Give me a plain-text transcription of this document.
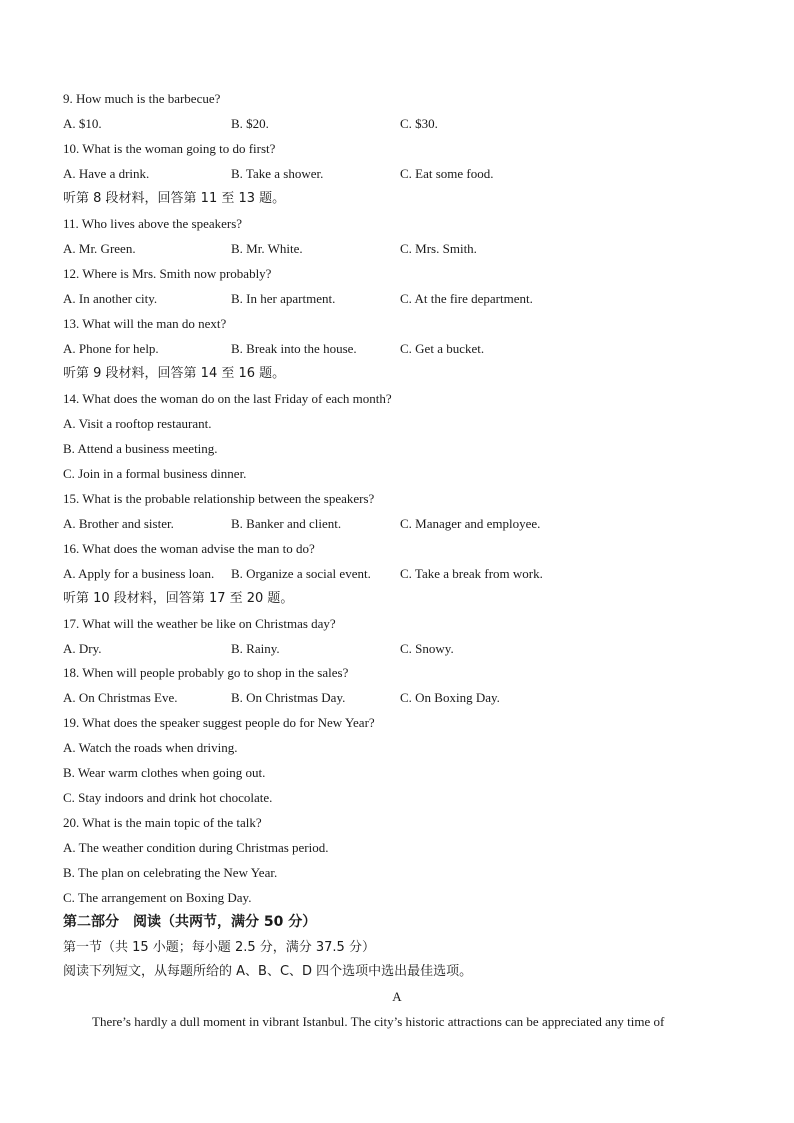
9. How much is the barbecue?
A. $10.	B. $20.	C. $30.
10. What is the woman going to do first?
A. Have a drink.	B. Take a shower.	C. Eat some food.
听第 8 段材料，回答第 11 至 13 题。
11. Who lives above the speakers?
A. Mr. Green.	B. Mr. White.	C. Mrs. Smith.
12. Where is Mrs. Smith now probably?
A. In another city.	B. In her apartment.	C. At the fire department.
13. What will the man do next?
A. Phone for help.	B. Break into the house.	C. Get a bucket.
听第 9 段材料，回答第 14 至 16 题。
14. What does the woman do on the last Friday of each month?
A. Visit a rooftop restaurant.
B. Attend a business meeting.
C. Join in a formal business dinner.
15. What is the probable relationship between the speakers?
A. Brother and sister.	B. Banker and client.	C. Manager and employee.
16. What does the woman advise the man to do?
A. Apply for a business loan. B. Organize a social event. C. Take a break from work.
听第 10 段材料，回答第 17 至 20 题。
17. What will the weather be like on Christmas day?
A. Dry.	B. Rainy.	C. Snowy.
18. When will people probably go to shop in the sales?
A. On Christmas Eve.	B. On Christmas Day.	C. On Boxing Day.
19. What does the speaker suggest people do for New Year?
A. Watch the roads when driving.
B. Wear warm clothes when going out.
C. Stay indoors and drink hot chocolate.
20. What is the main topic of the talk?
A. The weather condition during Christmas period.
B. The plan on celebrating the New Year.
C. The arrangement on Boxing Day.
第二部分　阅读（共两节，满分 50 分）
第一节（共 15 小题；每小题 2.5 分，满分 37.5 分）
阅读下列短文，从每题所给的 A、B、C、D 四个选项中选出最佳选项。
A
There’s hardly a dull moment in vibrant Istanbul. The city’s historic attractions can be appreciated any time of
